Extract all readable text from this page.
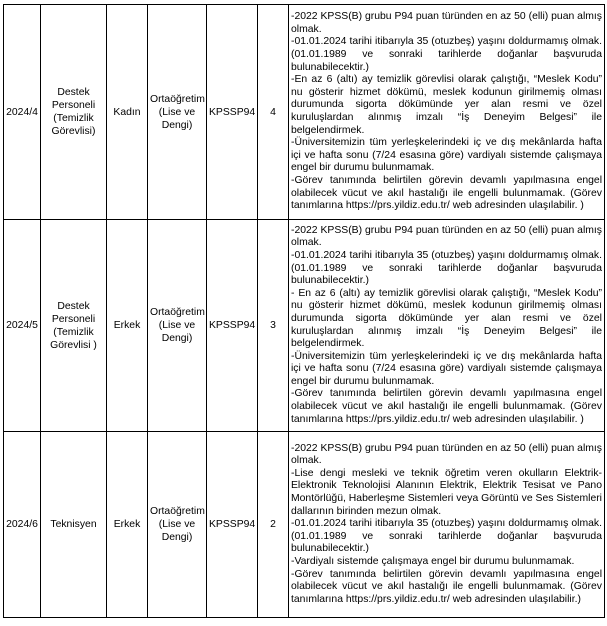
2024/4	Destek Personeli (Temizlik Görevlisi)	Kadın	Ortaöğretim (Lise ve Dengi)	KPSSP94	4	-2022 KPSS(B) grubu P94 puan türünden en az 50 (elli) puan almış olmak.
-01.01.2024 tarihi itibarıyla 35 (otuzbeş) yaşını doldurmamış olmak. (01.01.1989 ve sonraki tarihlerde doğanlar başvuruda bulunabilecektir.)
-En az 6 (altı) ay temizlik görevlisi olarak çalıştığı, “Meslek Kodu” nu gösterir hizmet dökümü, meslek kodunun girilmemiş olması durumunda sigorta dökümünde yer alan resmi ve özel kuruluşlardan alınmış imzalı “İş Deneyim Belgesi” ile belgelendirmek.
-Üniversitemizin tüm yerleşkelerindeki iç ve dış mekânlarda hafta içi ve hafta sonu (7/24 esasına göre) vardiyalı sistemde çalışmaya engel bir durumu bulunmamak.
-Görev tanımında belirtilen görevin devamlı yapılmasına engel olabilecek vücut ve akıl hastalığı ile engelli bulunmamak. (Görev tanımlarına https://prs.yildiz.edu.tr/ web adresinden ulaşılabilir. )

2024/5	Destek Personeli (Temizlik Görevlisi )	Erkek	Ortaöğretim (Lise ve Dengi)	KPSSP94	3	-2022 KPSS(B) grubu P94 puan türünden en az 50 (elli) puan almış olmak.
-01.01.2024 tarihi itibarıyla 35 (otuzbeş) yaşını doldurmamış olmak. (01.01.1989 ve sonraki tarihlerde doğanlar başvuruda bulunabilecektir.)
- En az 6 (altı) ay temizlik görevlisi olarak çalıştığı, “Meslek Kodu” nu gösterir hizmet dökümü, meslek kodunun girilmemiş olması durumunda sigorta dökümünde yer alan resmi ve özel kuruluşlardan alınmış imzalı “İş Deneyim Belgesi” ile belgelendirmek.
-Üniversitemizin tüm yerleşkelerindeki iç ve dış mekânlarda hafta içi ve hafta sonu (7/24 esasına göre) vardiyalı sistemde çalışmaya engel bir durumu bulunmamak.
-Görev tanımında belirtilen görevin devamlı yapılmasına engel olabilecek vücut ve akıl hastalığı ile engelli bulunmamak. (Görev tanımlarına https://prs.yildiz.edu.tr/ web adresinden ulaşılabilir. )

2024/6	Teknisyen	Erkek	Ortaöğretim (Lise ve Dengi)	KPSSP94	2	-2022 KPSS(B) grubu P94 puan türünden en az 50 (elli) puan almış olmak.
-Lise dengi mesleki ve teknik öğretim veren okulların Elektrik-Elektronik Teknolojisi Alanının Elektrik, Elektrik Tesisat ve Pano Montörlüğü, Haberleşme Sistemleri veya Görüntü ve Ses Sistemleri dallarının birinden mezun olmak.
-01.01.2024 tarihi itibarıyla 35 (otuzbeş) yaşını doldurmamış olmak. (01.01.1989 ve sonraki tarihlerde doğanlar başvuruda bulunabilecektir.)
-Vardiyalı sistemde çalışmaya engel bir durumu bulunmamak.
-Görev tanımında belirtilen görevin devamlı yapılmasına engel olabilecek vücut ve akıl hastalığı ile engelli bulunmamak. (Görev tanımlarına https://prs.yildiz.edu.tr/ web adresinden ulaşılabilir.)
